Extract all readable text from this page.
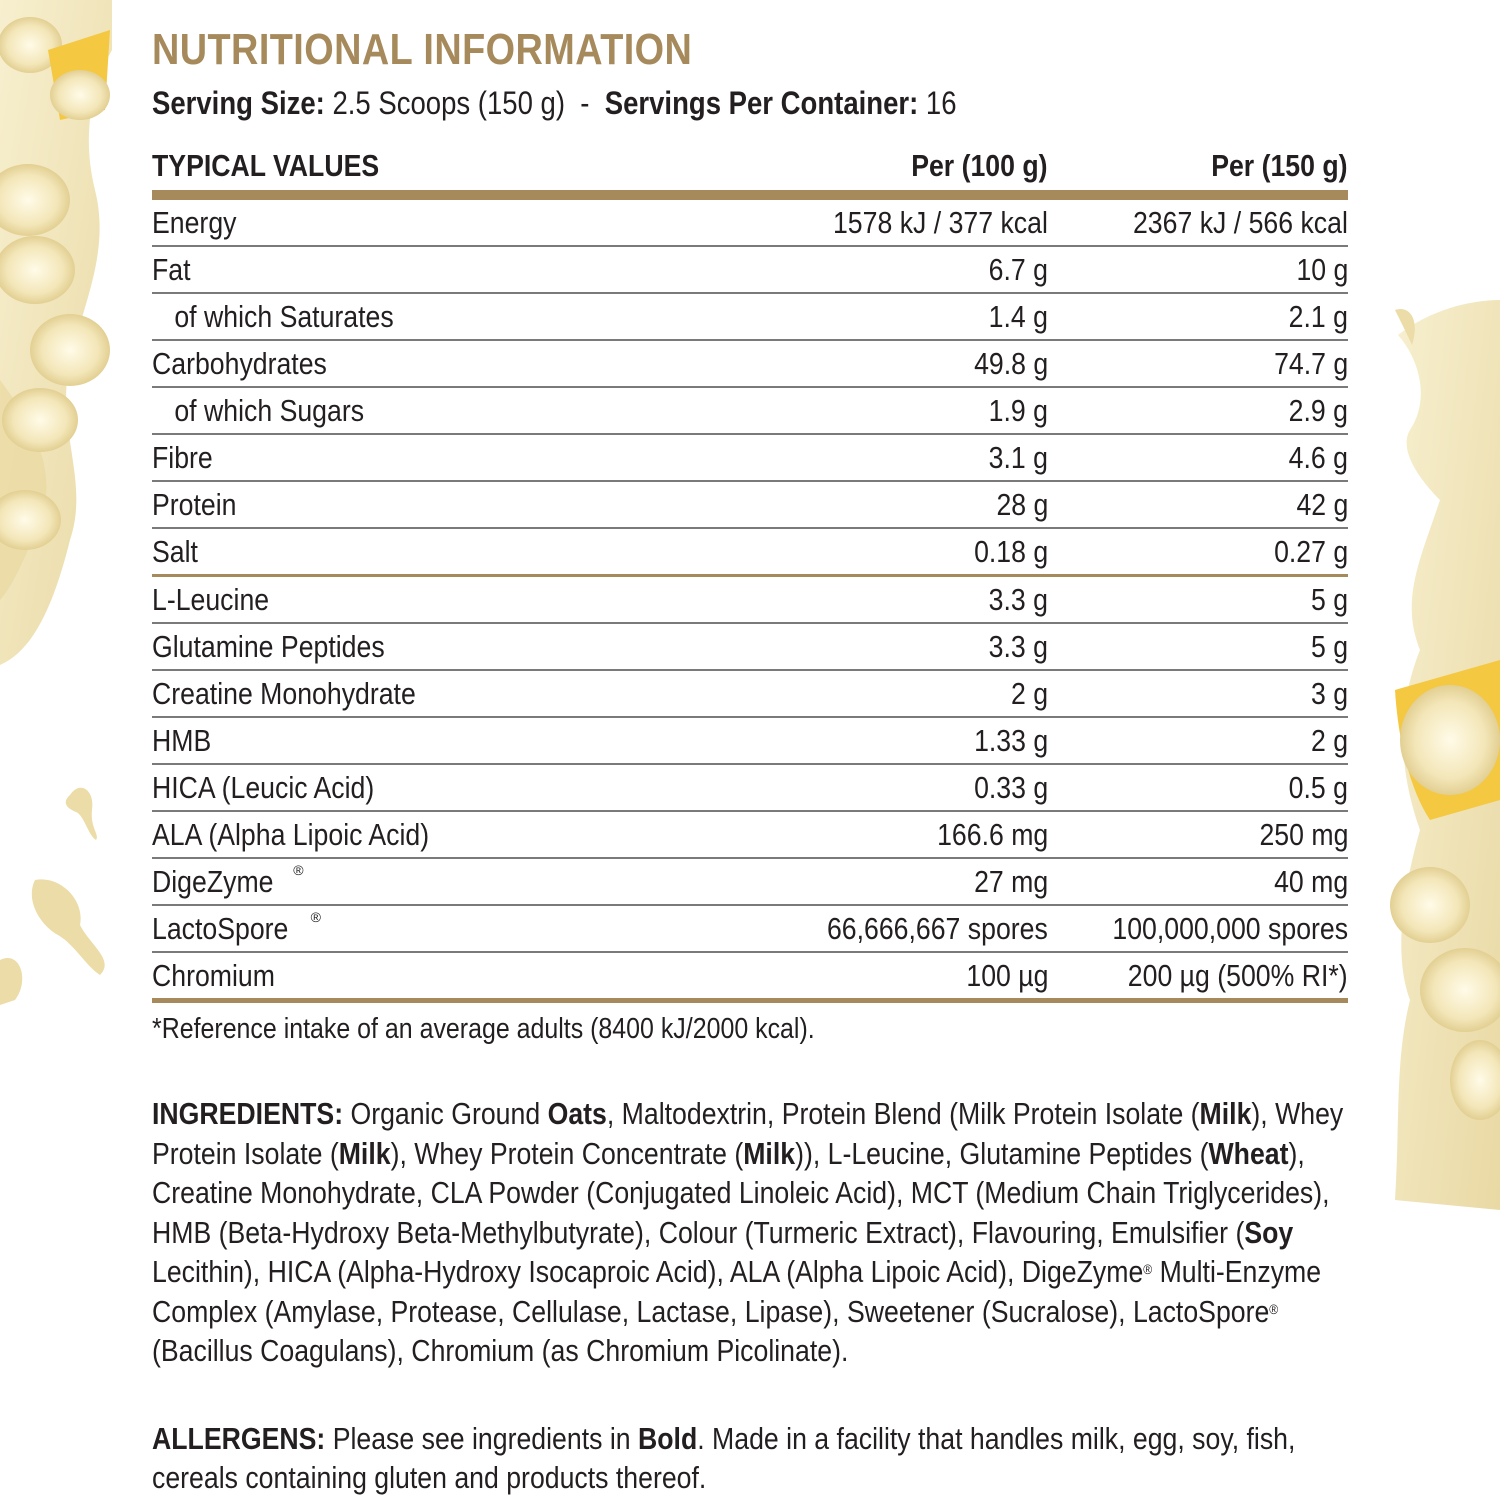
NUTRITIONAL INFORMATION
Serving Size: 2.5 Scoops (150 g) - Servings Per Container: 16
TYPICAL VALUES	Per (100 g)	Per (150 g)
Energy	1578 kJ / 377 kcal	2367 kJ / 566 kcal
Fat	6.7 g	10 g
of which Saturates	1.4 g	2.1 g
Carbohydrates	49.8 g	74.7 g
of which Sugars	1.9 g	2.9 g
Fibre	3.1 g	4.6 g
Protein	28 g	42 g
Salt	0.18 g	0.27 g
L-Leucine	3.3 g	5 g
Glutamine Peptides	3.3 g	5 g
Creatine Monohydrate	2 g	3 g
HMB	1.33 g	2 g
HICA (Leucic Acid)	0.33 g	0.5 g
ALA (Alpha Lipoic Acid)	166.6 mg	250 mg
DigeZyme ®	27 mg	40 mg
LactoSpore ®	66,666,667 spores	100,000,000 spores
Chromium	100 µg	200 µg (500% RI*)
*Reference intake of an average adults (8400 kJ/2000 kcal).
INGREDIENTS: Organic Ground Oats, Maltodextrin, Protein Blend (Milk Protein Isolate (Milk), Whey Protein Isolate (Milk), Whey Protein Concentrate (Milk)), L-Leucine, Glutamine Peptides (Wheat), Creatine Monohydrate, CLA Powder (Conjugated Linoleic Acid), MCT (Medium Chain Triglycerides), HMB (Beta-Hydroxy Beta-Methylbutyrate), Colour (Turmeric Extract), Flavouring, Emulsifier (Soy Lecithin), HICA (Alpha-Hydroxy Isocaproic Acid), ALA (Alpha Lipoic Acid), DigeZyme® Multi-Enzyme Complex (Amylase, Protease, Cellulase, Lactase, Lipase), Sweetener (Sucralose), LactoSpore® (Bacillus Coagulans), Chromium (as Chromium Picolinate).
ALLERGENS: Please see ingredients in Bold. Made in a facility that handles milk, egg, soy, fish, cereals containing gluten and products thereof.
